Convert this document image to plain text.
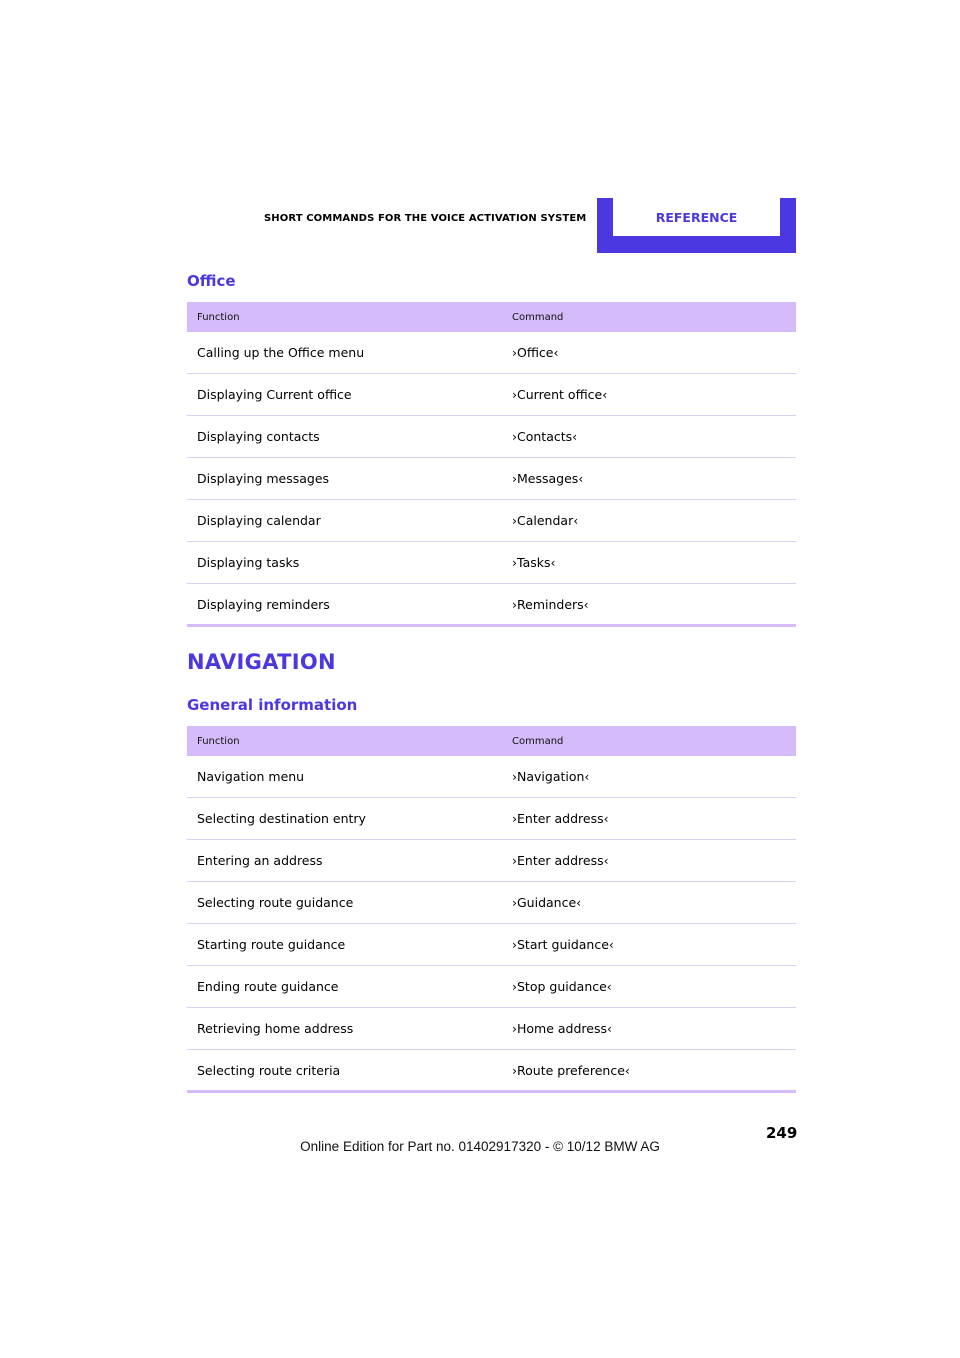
SHORT COMMANDS FOR THE VOICE ACTIVATION SYSTEM	REFERENCE
Office
Function	Command
Calling up the Office menu	›Office‹
Displaying Current office	›Current office‹
Displaying contacts	›Contacts‹
Displaying messages	›Messages‹
Displaying calendar	›Calendar‹
Displaying tasks	›Tasks‹
Displaying reminders	›Reminders‹
NAVIGATION
General information
Function	Command
Navigation menu	›Navigation‹
Selecting destination entry	›Enter address‹
Entering an address	›Enter address‹
Selecting route guidance	›Guidance‹
Starting route guidance	›Start guidance‹
Ending route guidance	›Stop guidance‹
Retrieving home address	›Home address‹
Selecting route criteria	›Route preference‹
249
Online Edition for Part no. 01402917320 - © 10/12 BMW AG
